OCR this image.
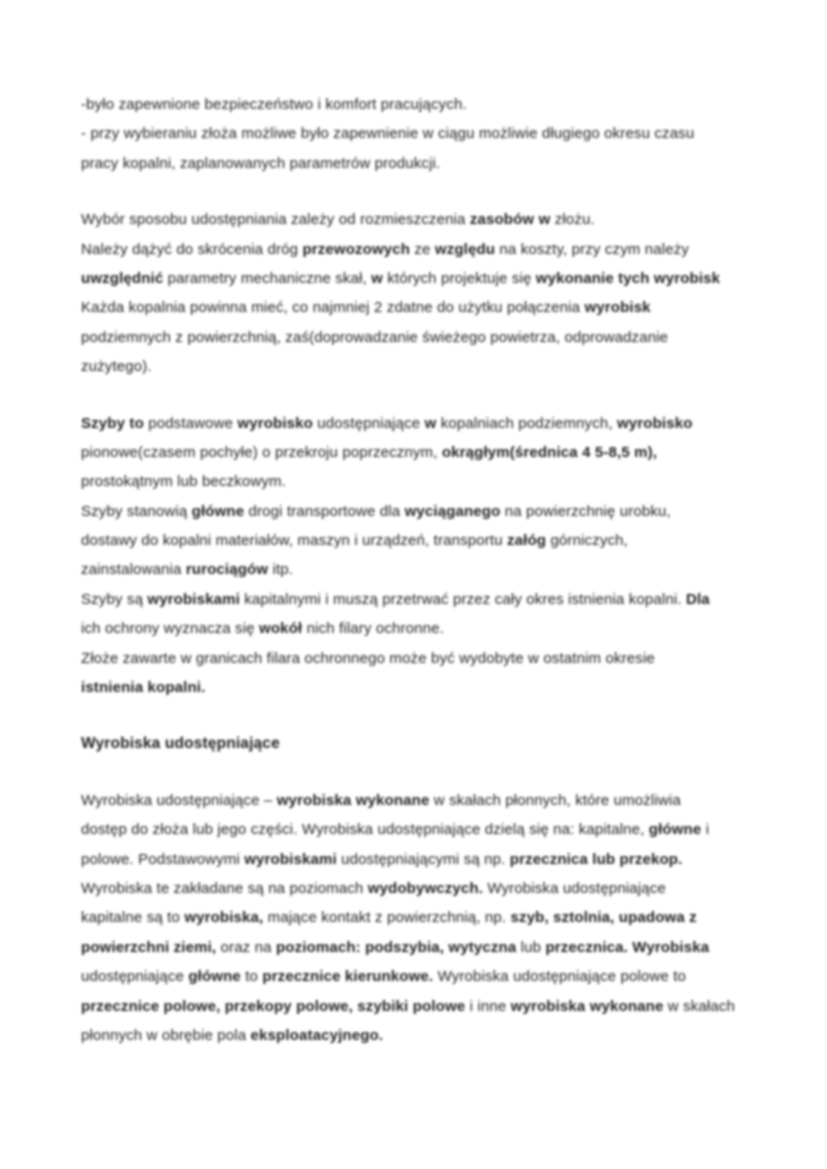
-było zapewnione bezpieczeństwo i komfort pracujących.
- przy wybieraniu złoża możliwe było zapewnienie w ciągu możliwie długiego okresu czasu
pracy kopalni, zaplanowanych parametrów produkcji.
Wybór sposobu udostępniania zależy od rozmieszczenia zasobów w złożu.
Należy dążyć do skrócenia dróg przewozowych ze względu na koszty, przy czym należy
uwzględnić parametry mechaniczne skał, w których projektuje się wykonanie tych wyrobisk
Każda kopalnia powinna mieć, co najmniej 2 zdatne do użytku połączenia wyrobisk
podziemnych z powierzchnią, zaś(doprowadzanie świeżego powietrza, odprowadzanie
zużytego).
Szyby to podstawowe wyrobisko udostępniające w kopalniach podziemnych, wyrobisko
pionowe(czasem pochyłe) o przekroju poprzecznym, okrągłym(średnica 4 5-8,5 m),
prostokątnym lub beczkowym.
Szyby stanowią główne drogi transportowe dla wyciąganego na powierzchnię urobku,
dostawy do kopalni materiałów, maszyn i urządzeń, transportu załóg górniczych,
zainstalowania rurociągów itp.
Szyby są wyrobiskami kapitalnymi i muszą przetrwać przez cały okres istnienia kopalni. Dla
ich ochrony wyznacza się wokół nich filary ochronne.
Złoże zawarte w granicach filara ochronnego może być wydobyte w ostatnim okresie
istnienia kopalni.
Wyrobiska udostępniające
Wyrobiska udostępniające – wyrobiska wykonane w skałach płonnych, które umożliwia
dostęp do złoża lub jego części. Wyrobiska udostępniające dzielą się na: kapitalne, główne i
polowe. Podstawowymi wyrobiskami udostępniającymi są np. przecznica lub przekop.
Wyrobiska te zakładane są na poziomach wydobywczych. Wyrobiska udostępniające
kapitalne są to wyrobiska, mające kontakt z powierzchnią, np. szyb, sztolnia, upadowa z
powierzchni ziemi, oraz na poziomach: podszybia, wytyczna lub przecznica. Wyrobiska
udostępniające główne to przecznice kierunkowe. Wyrobiska udostępniające polowe to
przecznice polowe, przekopy polowe, szybiki polowe i inne wyrobiska wykonane w skałach
płonnych w obrębie pola eksploatacyjnego.
